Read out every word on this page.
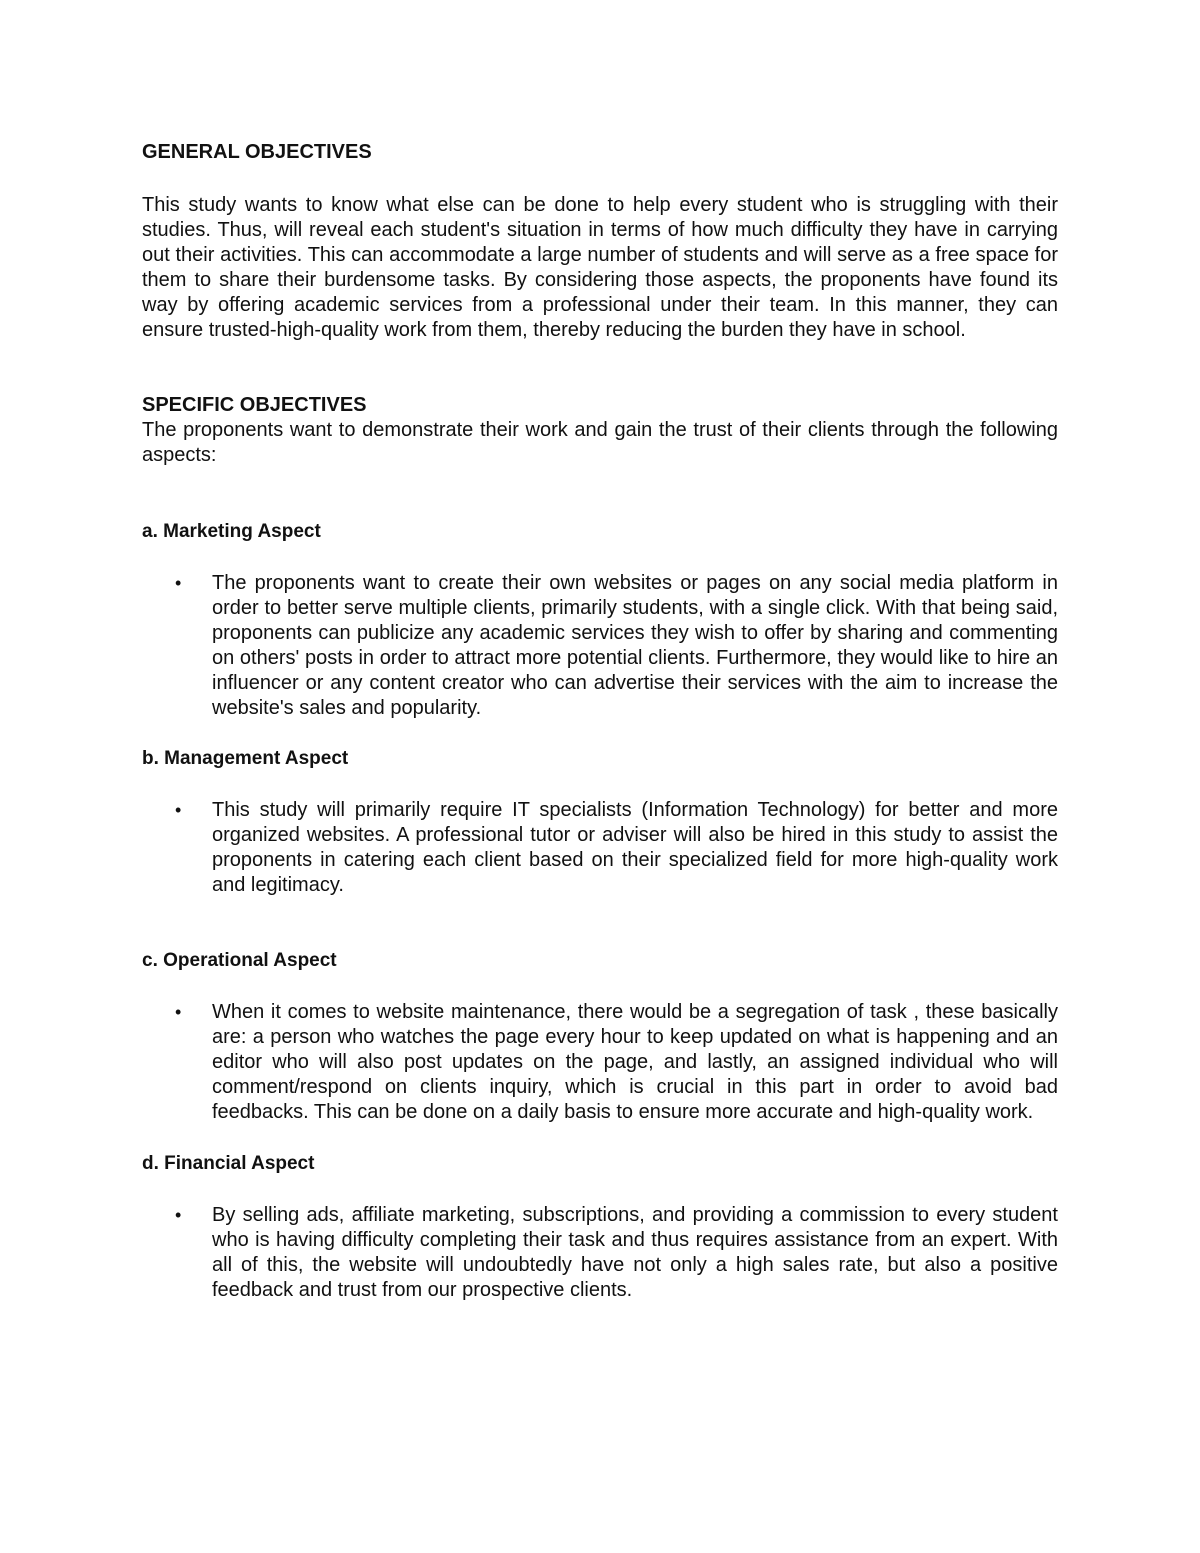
GENERAL OBJECTIVES

This study wants to know what else can be done to help every student who is struggling with their studies. Thus, will reveal each student's situation in terms of how much difficulty they have in carrying out their activities. This can accommodate a large number of students and will serve as a free space for them to share their burdensome tasks. By considering those aspects, the proponents have found its way by offering academic services from a professional under their team. In this manner, they can ensure trusted-high-quality work from them, thereby reducing the burden they have in school.

SPECIFIC OBJECTIVES

The proponents want to demonstrate their work and gain the trust of their clients through the following aspects:

a. Marketing Aspect
• The proponents want to create their own websites or pages on any social media platform in order to better serve multiple clients, primarily students, with a single click. With that being said, proponents can publicize any academic services they wish to offer by sharing and commenting on others' posts in order to attract more potential clients. Furthermore, they would like to hire an influencer or any content creator who can advertise their services with the aim to increase the website's sales and popularity.
b. Management Aspect
• This study will primarily require IT specialists (Information Technology) for better and more organized websites. A professional tutor or adviser will also be hired in this study to assist the proponents in catering each client based on their specialized field for more high-quality work and legitimacy.
c. Operational Aspect
• When it comes to website maintenance, there would be a segregation of task , these basically are: a person who watches the page every hour to keep updated on what is happening and an editor who will also post updates on the page, and lastly, an assigned individual who will comment/respond on clients inquiry, which is crucial in this part in order to avoid bad feedbacks. This can be done on a daily basis to ensure more accurate and high-quality work.
d. Financial Aspect
• By selling ads, affiliate marketing, subscriptions, and providing a commission to every student who is having difficulty completing their task and thus requires assistance from an expert. With all of this, the website will undoubtedly have not only a high sales rate, but also a positive feedback and trust from our prospective clients.
